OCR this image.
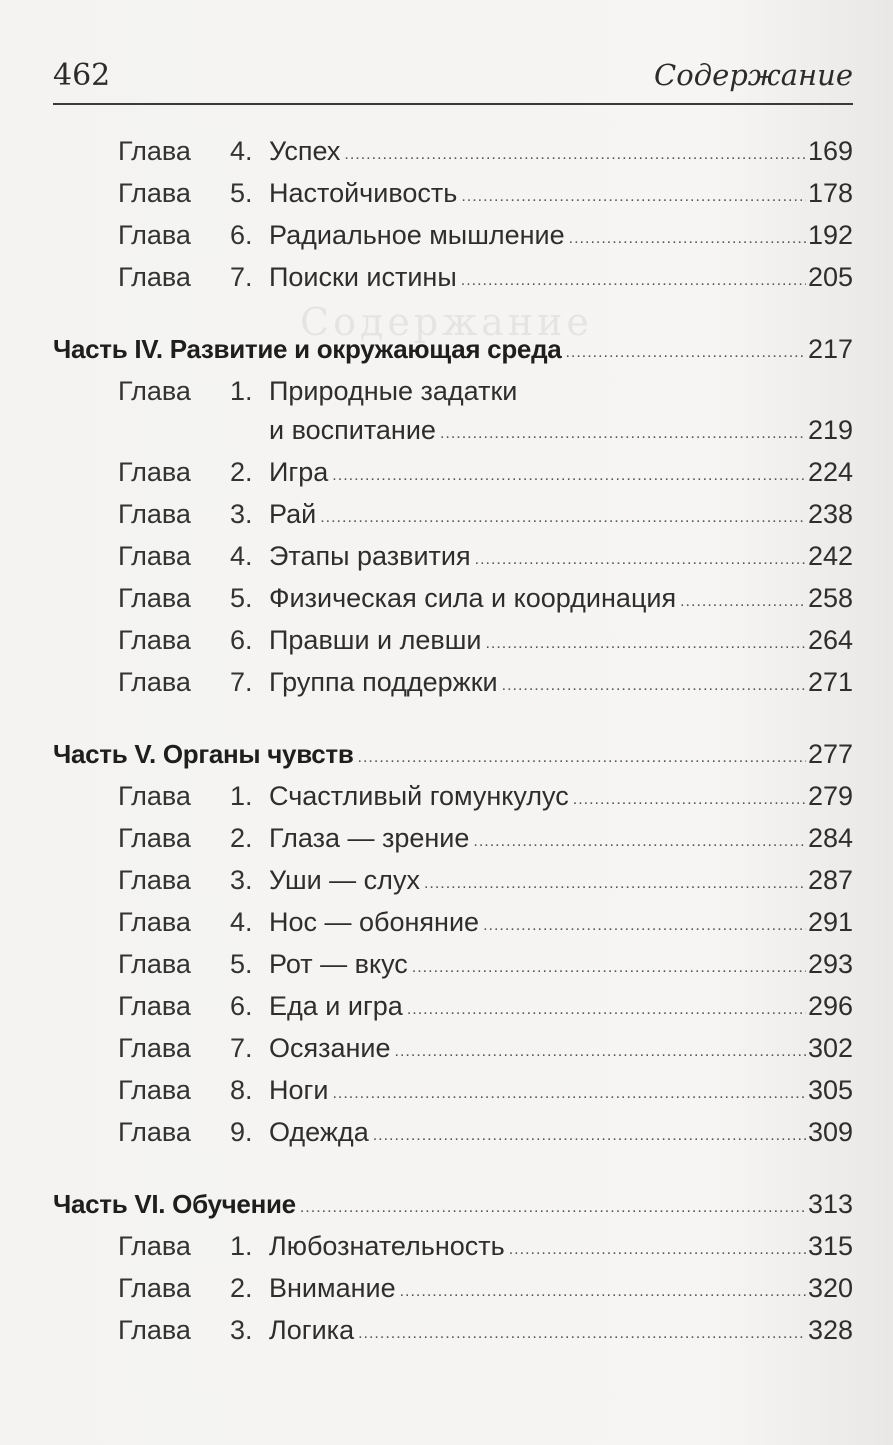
Содержание
462	Содержание
Глава 4. Успех .....	169
Глава 5. Настойчивость .....	178
Глава 6. Радиальное мышление .....	192
Глава 7. Поиски истины .....	205
Часть IV. Развитие и окружающая среда .....	217
Глава 1. Природные задатки
и воспитание .....	219
Глава 2. Игра .....	224
Глава 3. Рай .....	238
Глава 4. Этапы развития .....	242
Глава 5. Физическая сила и координация .....	258
Глава 6. Правши и левши .....	264
Глава 7. Группа поддержки .....	271
Часть V. Органы чувств .....	277
Глава 1. Счастливый гомункулус .....	279
Глава 2. Глаза — зрение .....	284
Глава 3. Уши — слух .....	287
Глава 4. Нос — обоняние .....	291
Глава 5. Рот — вкус .....	293
Глава 6. Еда и игра .....	296
Глава 7. Осязание .....	302
Глава 8. Ноги .....	305
Глава 9. Одежда .....	309
Часть VI. Обучение .....	313
Глава 1. Любознательность .....	315
Глава 2. Внимание .....	320
Глава 3. Логика .....	328
